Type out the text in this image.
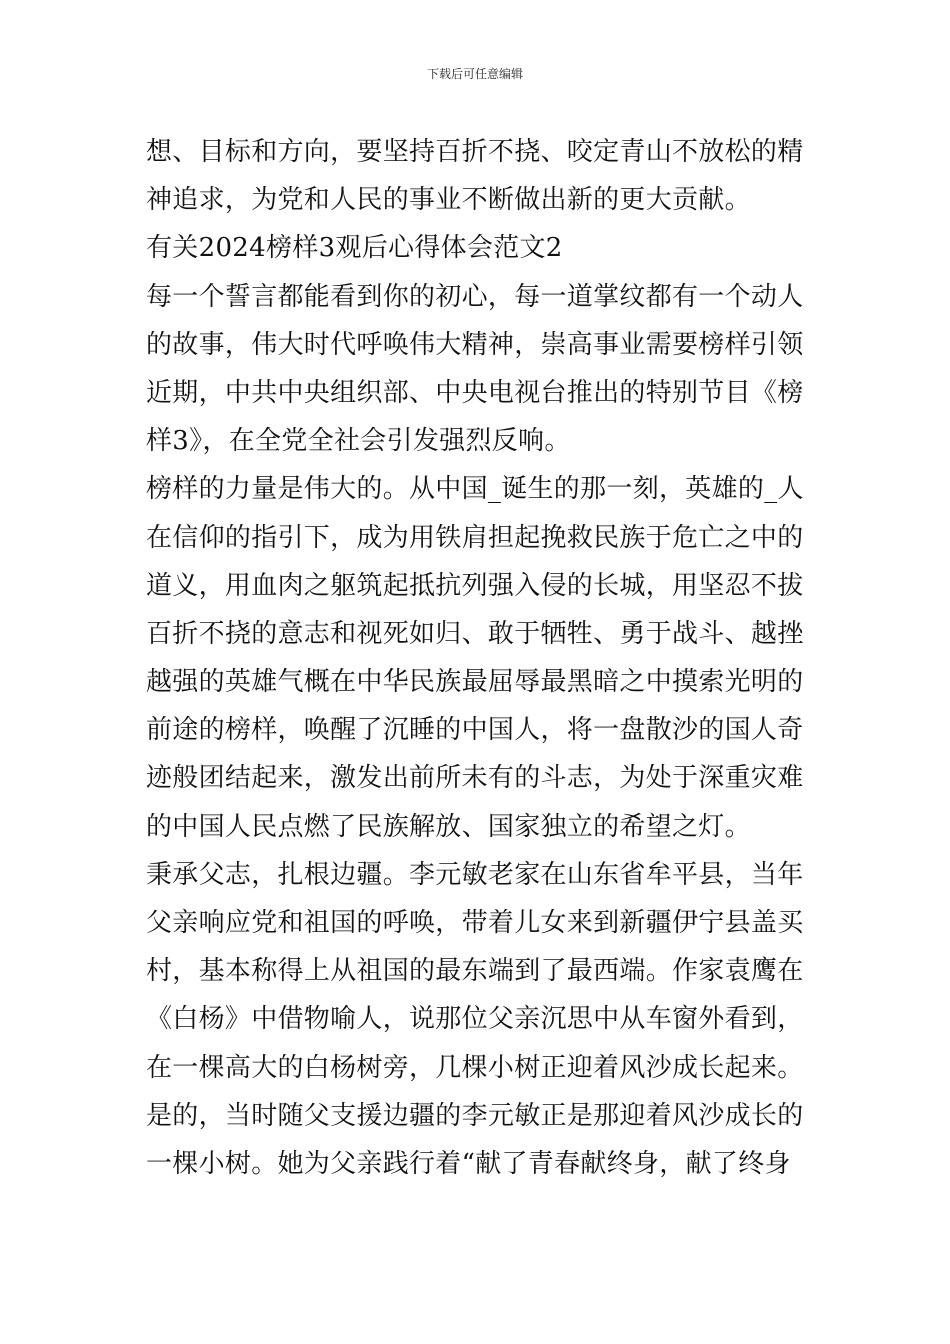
下载后可任意编辑
想、目标和方向，要坚持百折不挠、咬定青山不放松的精
神追求，为党和人民的事业不断做出新的更大贡献。
有关2024榜样3观后心得体会范文2
每一个誓言都能看到你的初心，每一道掌纹都有一个动人
的故事，伟大时代呼唤伟大精神，崇高事业需要榜样引领
近期，中共中央组织部、中央电视台推出的特别节目《榜
样3》，在全党全社会引发强烈反响。
榜样的力量是伟大的。从中国_诞生的那一刻，英雄的_人
在信仰的指引下，成为用铁肩担起挽救民族于危亡之中的
道义，用血肉之躯筑起抵抗列强入侵的长城，用坚忍不拔
百折不挠的意志和视死如归、敢于牺牲、勇于战斗、越挫
越强的英雄气概在中华民族最屈辱最黑暗之中摸索光明的
前途的榜样，唤醒了沉睡的中国人，将一盘散沙的国人奇
迹般团结起来，激发出前所未有的斗志，为处于深重灾难
的中国人民点燃了民族解放、国家独立的希望之灯。
秉承父志，扎根边疆。李元敏老家在山东省牟平县，当年
父亲响应党和祖国的呼唤，带着儿女来到新疆伊宁县盖买
村，基本称得上从祖国的最东端到了最西端。作家袁鹰在
《白杨》中借物喻人，说那位父亲沉思中从车窗外看到，
在一棵高大的白杨树旁，几棵小树正迎着风沙成长起来。
是的，当时随父支援边疆的李元敏正是那迎着风沙成长的
一棵小树。她为父亲践行着“献了青春献终身，献了终身
